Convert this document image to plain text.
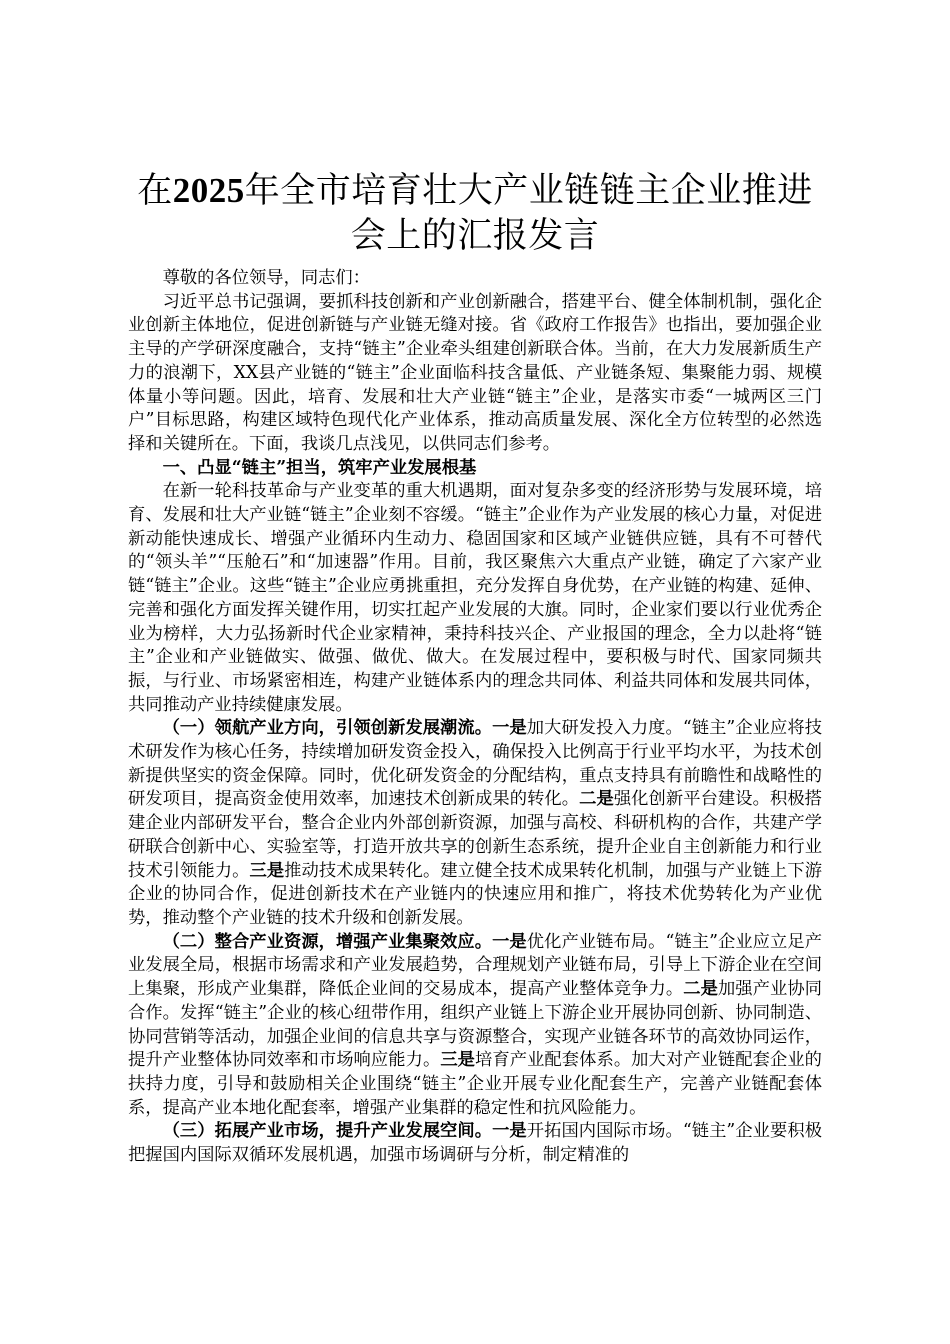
在2025年全市培育壮大产业链链主企业推进
会上的汇报发言

尊敬的各位领导，同志们：

习近平总书记强调，要抓科技创新和产业创新融合，搭建平台、健全体制机制，强化企业创新主体地位，促进创新链与产业链无缝对接。省《政府工作报告》也指出，要加强企业主导的产学研深度融合，支持“链主”企业牵头组建创新联合体。当前，在大力发展新质生产力的浪潮下，XX县产业链的“链主”企业面临科技含量低、产业链条短、集聚能力弱、规模体量小等问题。因此，培育、发展和壮大产业链“链主”企业，是落实市委“一城两区三门户”目标思路，构建区域特色现代化产业体系，推动高质量发展、深化全方位转型的必然选择和关键所在。下面，我谈几点浅见，以供同志们参考。

一、凸显“链主”担当，筑牢产业发展根基

在新一轮科技革命与产业变革的重大机遇期，面对复杂多变的经济形势与发展环境，培育、发展和壮大产业链“链主”企业刻不容缓。“链主”企业作为产业发展的核心力量，对促进新动能快速成长、增强产业循环内生动力、稳固国家和区域产业链供应链，具有不可替代的“领头羊”“压舱石”和“加速器”作用。目前，我区聚焦六大重点产业链，确定了六家产业链“链主”企业。这些“链主”企业应勇挑重担，充分发挥自身优势，在产业链的构建、延伸、完善和强化方面发挥关键作用，切实扛起产业发展的大旗。同时，企业家们要以行业优秀企业为榜样，大力弘扬新时代企业家精神，秉持科技兴企、产业报国的理念，全力以赴将“链主”企业和产业链做实、做强、做优、做大。在发展过程中，要积极与时代、国家同频共振，与行业、市场紧密相连，构建产业链体系内的理念共同体、利益共同体和发展共同体，共同推动产业持续健康发展。

（一）领航产业方向，引领创新发展潮流。一是加大研发投入力度。“链主”企业应将技术研发作为核心任务，持续增加研发资金投入，确保投入比例高于行业平均水平，为技术创新提供坚实的资金保障。同时，优化研发资金的分配结构，重点支持具有前瞻性和战略性的研发项目，提高资金使用效率，加速技术创新成果的转化。二是强化创新平台建设。积极搭建企业内部研发平台，整合企业内外部创新资源，加强与高校、科研机构的合作，共建产学研联合创新中心、实验室等，打造开放共享的创新生态系统，提升企业自主创新能力和行业技术引领能力。三是推动技术成果转化。建立健全技术成果转化机制，加强与产业链上下游企业的协同合作，促进创新技术在产业链内的快速应用和推广，将技术优势转化为产业优势，推动整个产业链的技术升级和创新发展。

（二）整合产业资源，增强产业集聚效应。一是优化产业链布局。“链主”企业应立足产业发展全局，根据市场需求和产业发展趋势，合理规划产业链布局，引导上下游企业在空间上集聚，形成产业集群，降低企业间的交易成本，提高产业整体竞争力。二是加强产业协同合作。发挥“链主”企业的核心纽带作用，组织产业链上下游企业开展协同创新、协同制造、协同营销等活动，加强企业间的信息共享与资源整合，实现产业链各环节的高效协同运作，提升产业整体协同效率和市场响应能力。三是培育产业配套体系。加大对产业链配套企业的扶持力度，引导和鼓励相关企业围绕“链主”企业开展专业化配套生产，完善产业链配套体系，提高产业本地化配套率，增强产业集群的稳定性和抗风险能力。

（三）拓展产业市场，提升产业发展空间。一是开拓国内国际市场。“链主”企业要积极把握国内国际双循环发展机遇，加强市场调研与分析，制定精准的
